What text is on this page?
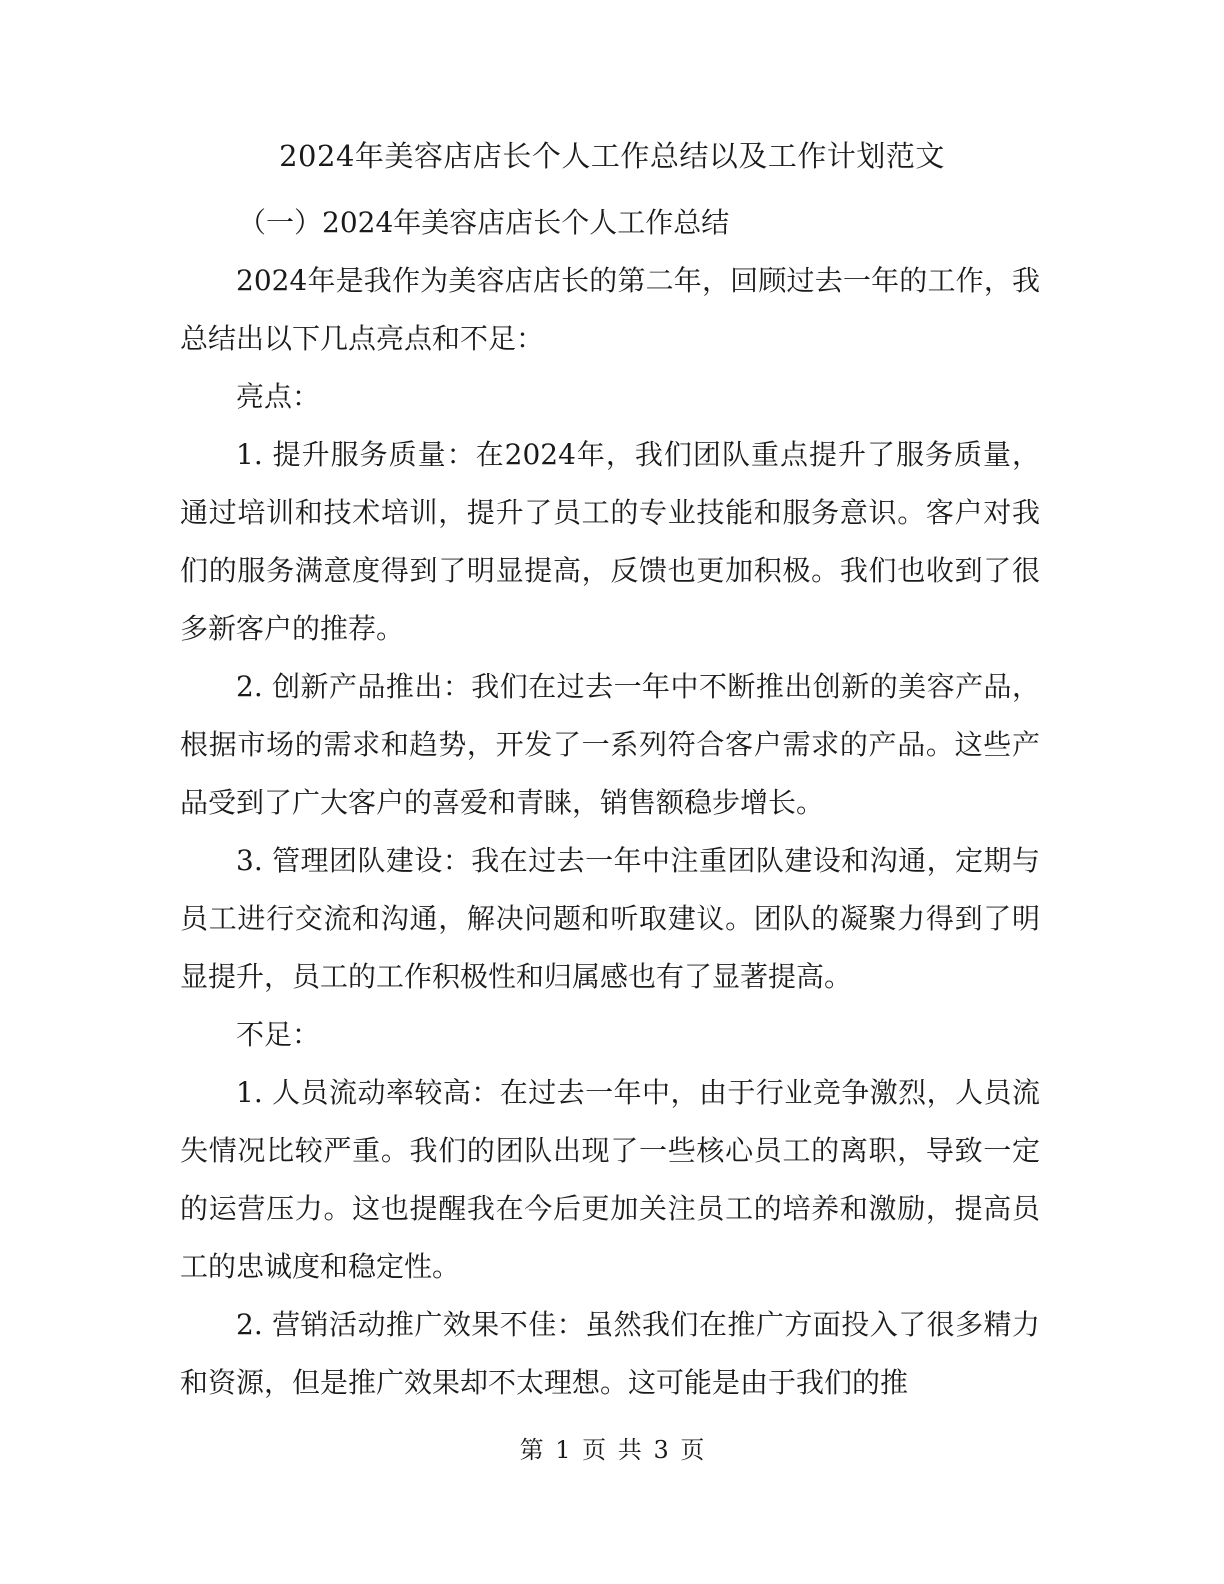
2024年美容店店长个人工作总结以及工作计划范文

（一）2024年美容店店长个人工作总结

2024年是我作为美容店店长的第二年，回顾过去一年的工作，我总结出以下几点亮点和不足：

亮点：

1. 提升服务质量：在2024年，我们团队重点提升了服务质量，通过培训和技术培训，提升了员工的专业技能和服务意识。客户对我们的服务满意度得到了明显提高，反馈也更加积极。我们也收到了很多新客户的推荐。

2. 创新产品推出：我们在过去一年中不断推出创新的美容产品，根据市场的需求和趋势，开发了一系列符合客户需求的产品。这些产品受到了广大客户的喜爱和青睐，销售额稳步增长。

3. 管理团队建设：我在过去一年中注重团队建设和沟通，定期与员工进行交流和沟通，解决问题和听取建议。团队的凝聚力得到了明显提升，员工的工作积极性和归属感也有了显著提高。

不足：

1. 人员流动率较高：在过去一年中，由于行业竞争激烈，人员流失情况比较严重。我们的团队出现了一些核心员工的离职，导致一定的运营压力。这也提醒我在今后更加关注员工的培养和激励，提高员工的忠诚度和稳定性。

2. 营销活动推广效果不佳：虽然我们在推广方面投入了很多精力和资源，但是推广效果却不太理想。这可能是由于我们的推

第 1 页 共 3 页
